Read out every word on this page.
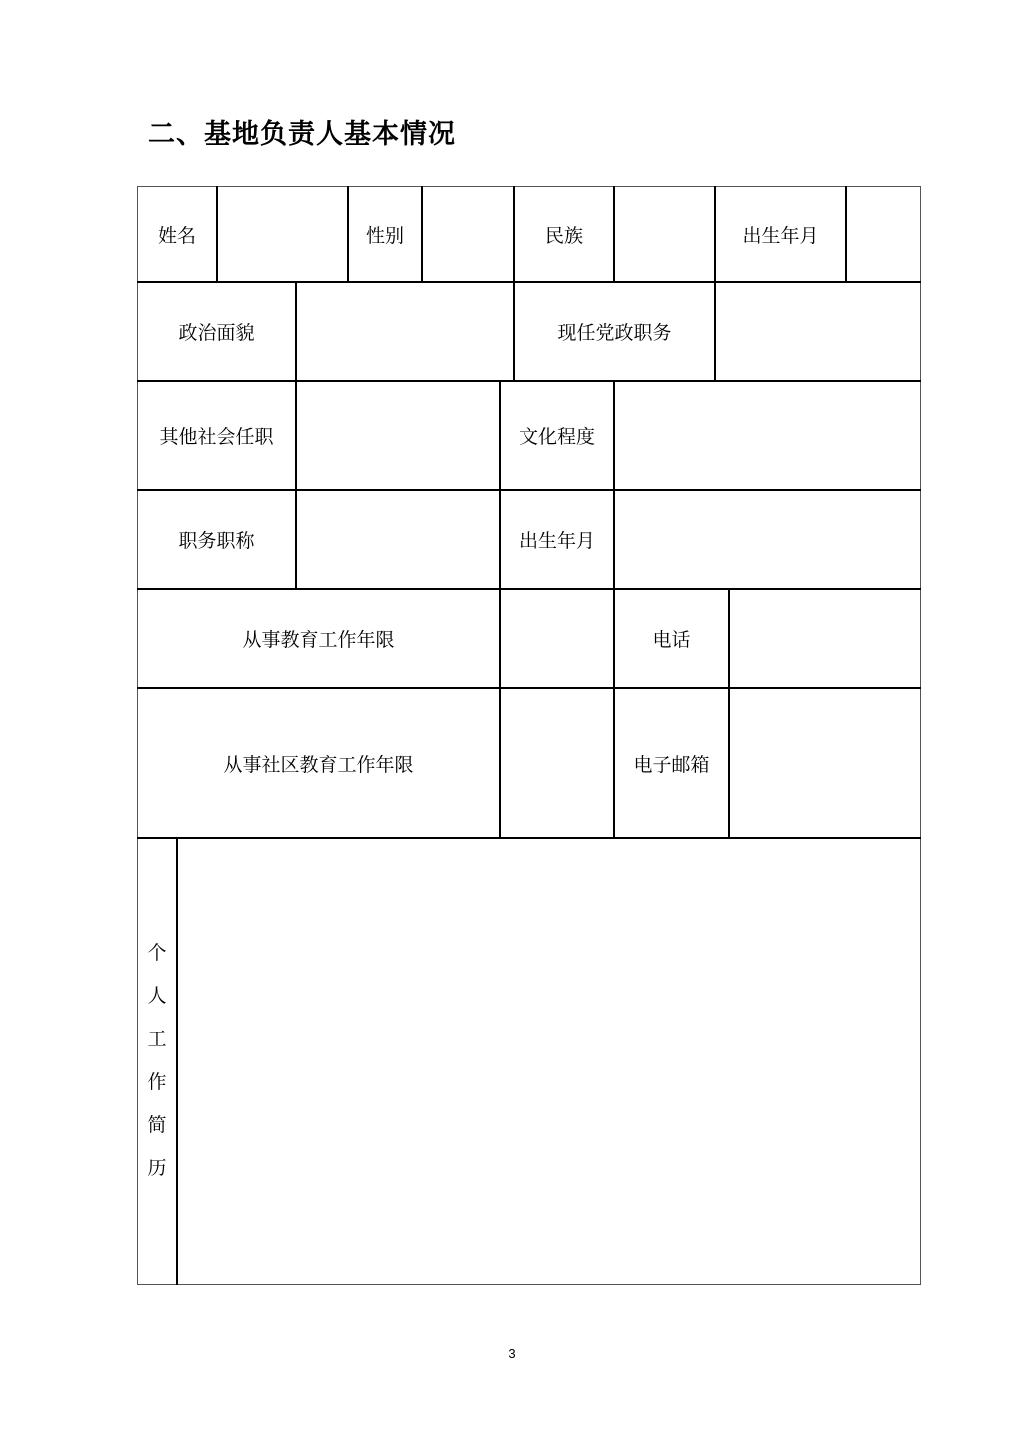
二、基地负责人基本情况
姓名	性别	民族	出生年月
政治面貌	现任党政职务
其他社会任职	文化程度
职务职称	出生年月
从事教育工作年限	电话
从事社区教育工作年限	电子邮箱
个
人
工
作
简
历
3
